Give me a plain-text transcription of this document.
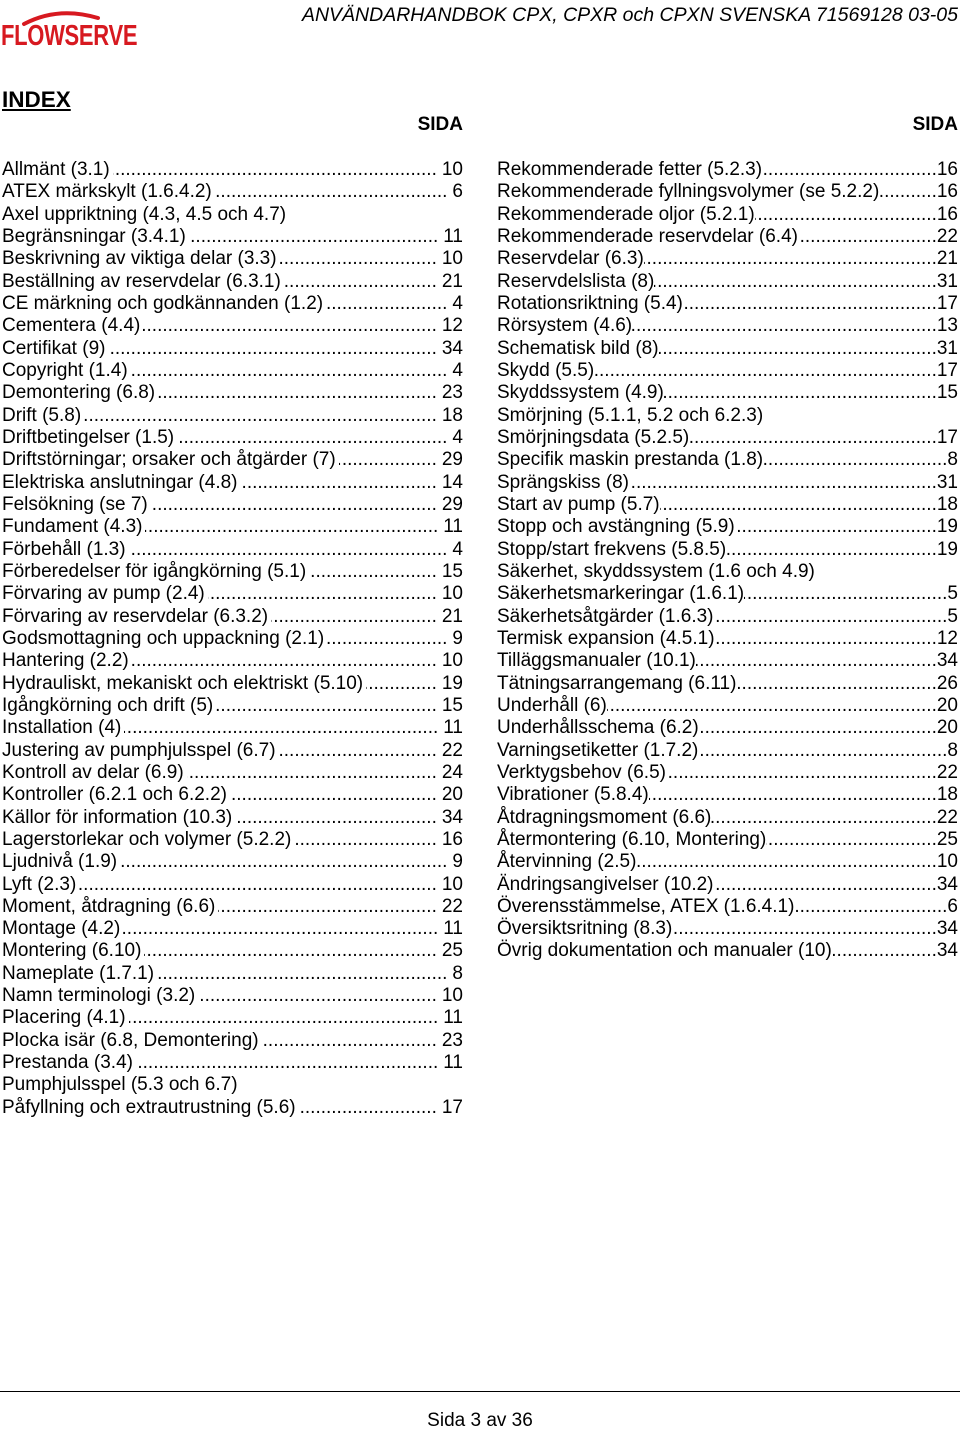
FLOWSERVE
ANVÄNDARHANDBOK CPX, CPXR och CPXN SVENSKA 71569128 03-05
INDEX
SIDA	SIDA
Allmänt (3.1) .....	10
ATEX märkskylt (1.6.4.2) .....	6
Axel uppriktning (4.3, 4.5 och 4.7)
Begränsningar (3.4.1) .....	11
Beskrivning av viktiga delar (3.3) .....	10
Beställning av reservdelar (6.3.1) .....	21
CE märkning och godkännanden (1.2) .....	4
Cementera (4.4) .....	12
Certifikat (9) .....	34
Copyright (1.4) .....	4
Demontering (6.8) .....	23
Drift (5.8) .....	18
Driftbetingelser (1.5) .....	4
Driftstörningar; orsaker och åtgärder (7) .....	29
Elektriska anslutningar (4.8) .....	14
Felsökning (se 7) .....	29
Fundament (4.3) .....	11
Förbehåll (1.3) .....	4
Förberedelser för igångkörning (5.1) .....	15
Förvaring av pump (2.4) .....	10
Förvaring av reservdelar (6.3.2) .....	21
Godsmottagning och uppackning (2.1) .....	9
Hantering (2.2) .....	10
Hydrauliskt, mekaniskt och elektriskt (5.10) .....	19
Igångkörning och drift (5) .....	15
Installation (4) .....	11
Justering av pumphjulsspel (6.7) .....	22
Kontroll av delar (6.9) .....	24
Kontroller (6.2.1 och 6.2.2) .....	20
Källor för information (10.3) .....	34
Lagerstorlekar och volymer (5.2.2) .....	16
Ljudnivå (1.9) .....	9
Lyft (2.3) .....	10
Moment, åtdragning (6.6) .....	22
Montage (4.2) .....	11
Montering (6.10) .....	25
Nameplate (1.7.1) .....	8
Namn terminologi (3.2) .....	10
Placering (4.1) .....	11
Plocka isär (6.8, Demontering) .....	23
Prestanda (3.4) .....	11
Pumphjulsspel (5.3 och 6.7)
Påfyllning och extrautrustning (5.6) .....	17
Rekommenderade fetter (5.2.3) .....	16
Rekommenderade fyllningsvolymer (se 5.2.2) .....	16
Rekommenderade oljor (5.2.1) .....	16
Rekommenderade reservdelar (6.4) .....	22
Reservdelar (6.3) .....	21
Reservdelslista (8) .....	31
Rotationsriktning (5.4) .....	17
Rörsystem (4.6) .....	13
Schematisk bild (8) .....	31
Skydd (5.5) .....	17
Skyddssystem (4.9) .....	15
Smörjning (5.1.1, 5.2 och 6.2.3)
Smörjningsdata (5.2.5) .....	17
Specifik maskin prestanda (1.8) .....	8
Sprängskiss (8) .....	31
Start av pump (5.7) .....	18
Stopp och avstängning (5.9) .....	19
Stopp/start frekvens (5.8.5) .....	19
Säkerhet, skyddssystem (1.6 och 4.9)
Säkerhetsmarkeringar (1.6.1) .....	5
Säkerhetsåtgärder (1.6.3) .....	5
Termisk expansion (4.5.1) .....	12
Tilläggsmanualer (10.1) .....	34
Tätningsarrangemang (6.11) .....	26
Underhåll (6) .....	20
Underhållsschema (6.2) .....	20
Varningsetiketter (1.7.2) .....	8
Verktygsbehov (6.5) .....	22
Vibrationer (5.8.4) .....	18
Åtdragningsmoment (6.6) .....	22
Återmontering (6.10, Montering) .....	25
Återvinning (2.5) .....	10
Ändringsangivelser (10.2) .....	34
Överensstämmelse, ATEX (1.6.4.1) .....	6
Översiktsritning (8.3) .....	34
Övrig dokumentation och manualer (10) .....	34
Sida 3 av 36
